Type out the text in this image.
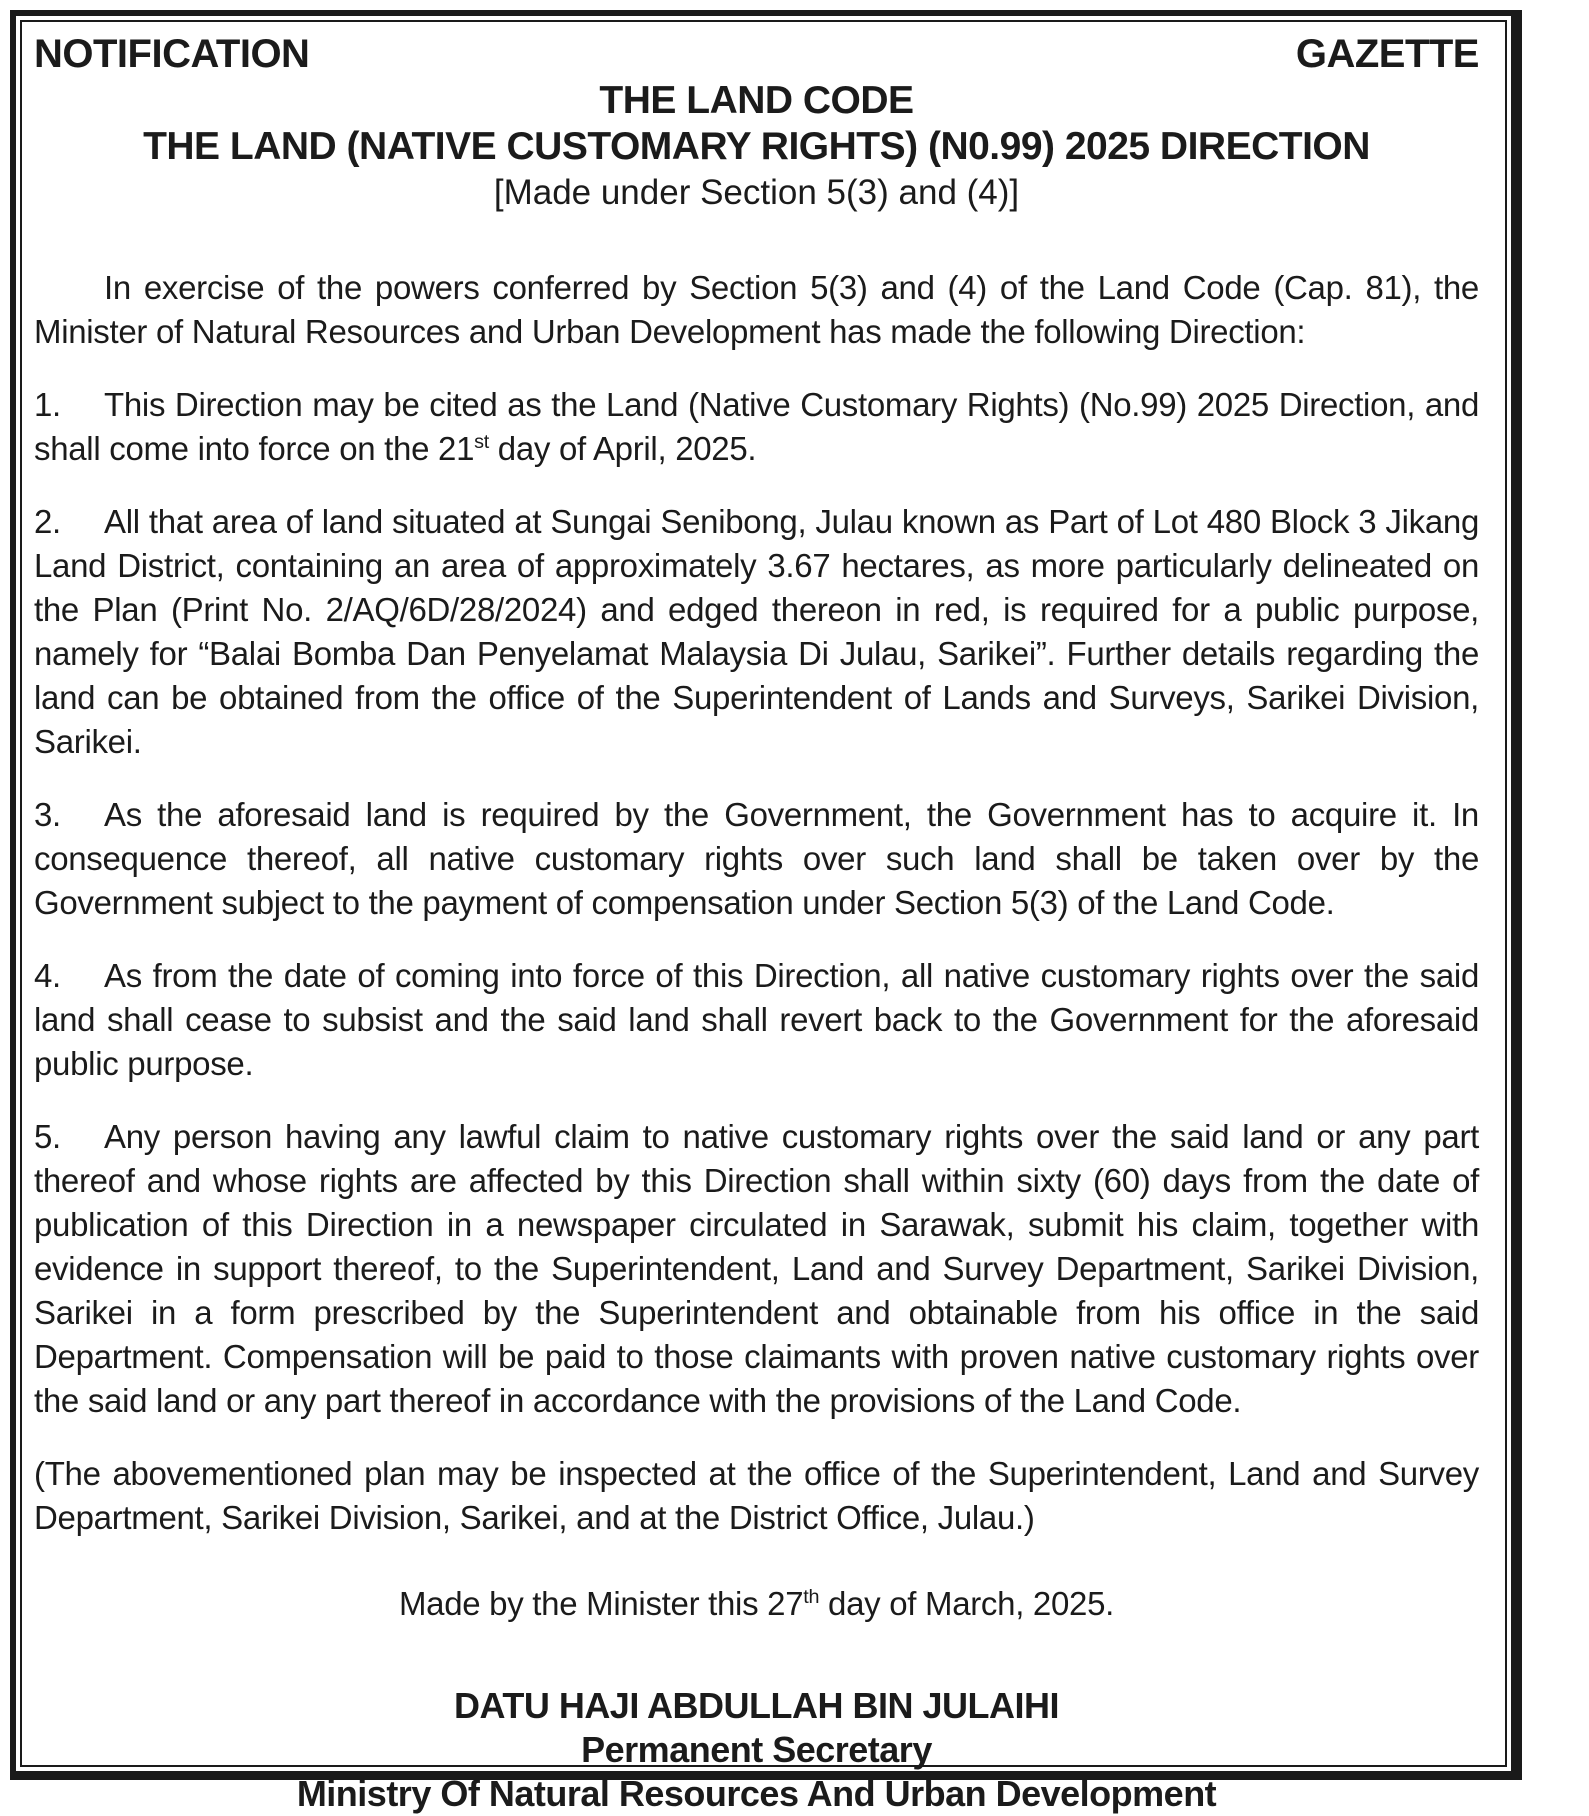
NOTIFICATION	GAZETTE
THE LAND CODE
THE LAND (NATIVE CUSTOMARY RIGHTS) (N0.99) 2025 DIRECTION
[Made under Section 5(3) and (4)]

In exercise of the powers conferred by Section 5(3) and (4) of the Land Code (Cap. 81), the Minister of Natural Resources and Urban Development has made the following Direction:

1. This Direction may be cited as the Land (Native Customary Rights) (No.99) 2025 Direction, and shall come into force on the 21st day of April, 2025.

2. All that area of land situated at Sungai Senibong, Julau known as Part of Lot 480 Block 3 Jikang Land District, containing an area of approximately 3.67 hectares, as more particularly delineated on the Plan (Print No. 2/AQ/6D/28/2024) and edged thereon in red, is required for a public purpose, namely for “Balai Bomba Dan Penyelamat Malaysia Di Julau, Sarikei”. Further details regarding the land can be obtained from the office of the Superintendent of Lands and Surveys, Sarikei Division, Sarikei.

3. As the aforesaid land is required by the Government, the Government has to acquire it. In consequence thereof, all native customary rights over such land shall be taken over by the Government subject to the payment of compensation under Section 5(3) of the Land Code.

4. As from the date of coming into force of this Direction, all native customary rights over the said land shall cease to subsist and the said land shall revert back to the Government for the aforesaid public purpose.

5. Any person having any lawful claim to native customary rights over the said land or any part thereof and whose rights are affected by this Direction shall within sixty (60) days from the date of publication of this Direction in a newspaper circulated in Sarawak, submit his claim, together with evidence in support thereof, to the Superintendent, Land and Survey Department, Sarikei Division, Sarikei in a form prescribed by the Superintendent and obtainable from his office in the said Department. Compensation will be paid to those claimants with proven native customary rights over the said land or any part thereof in accordance with the provisions of the Land Code.

(The abovementioned plan may be inspected at the office of the Superintendent, Land and Survey Department, Sarikei Division, Sarikei, and at the District Office, Julau.)

Made by the Minister this 27th day of March, 2025.

DATU HAJI ABDULLAH BIN JULAIHI
Permanent Secretary
Ministry Of Natural Resources And Urban Development
